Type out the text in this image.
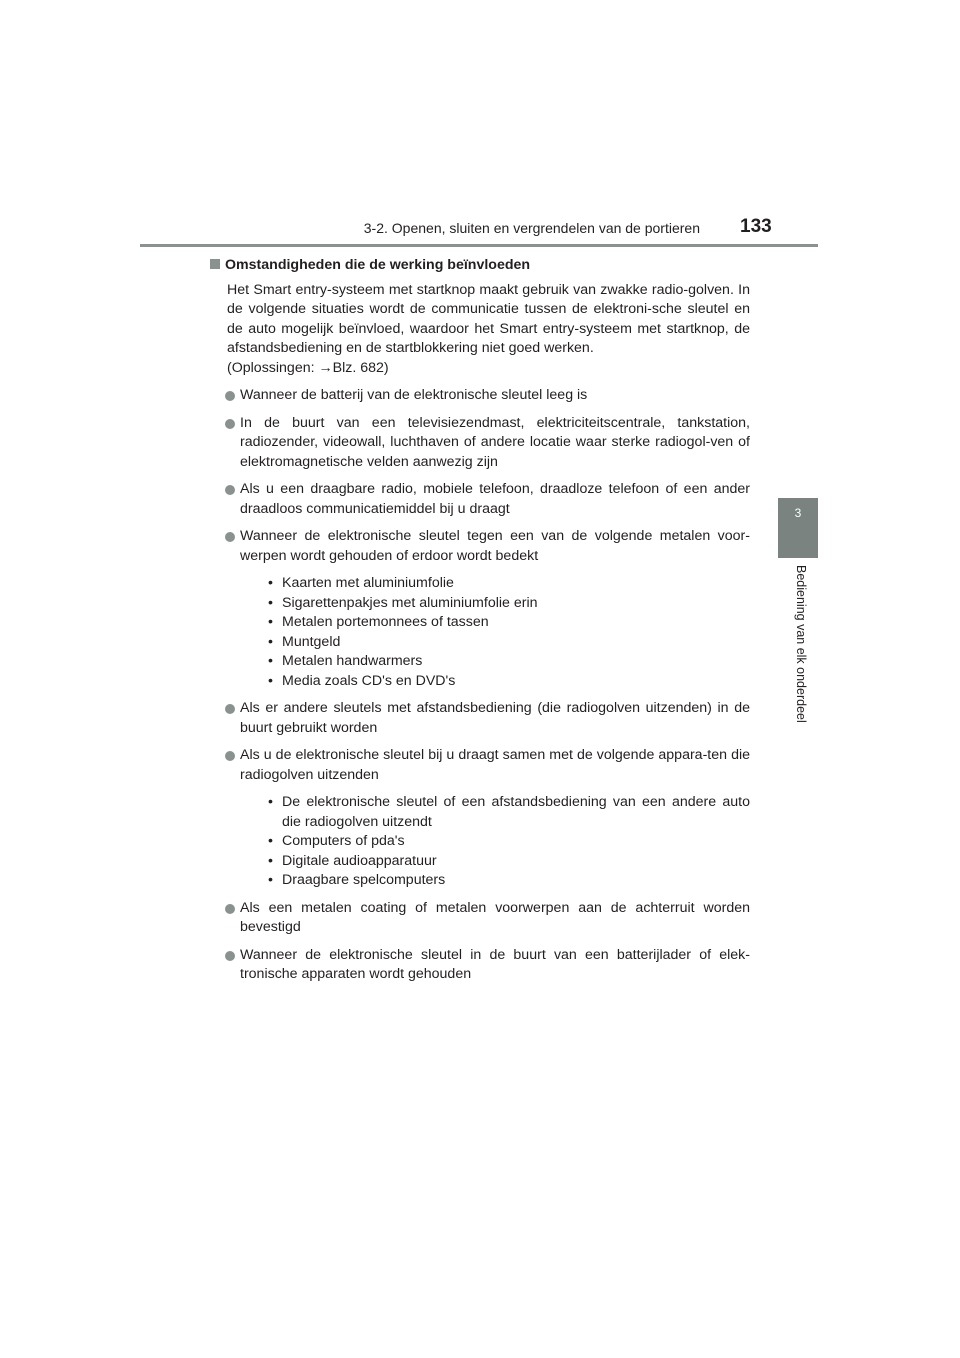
3-2. Openen, sluiten en vergrendelen van de portieren 133
3
Bediening van elk onderdeel
Omstandigheden die de werking beïnvloeden

Het Smart entry-systeem met startknop maakt gebruik van zwakke radio-golven. In de volgende situaties wordt de communicatie tussen de elektroni-sche sleutel en de auto mogelijk beïnvloed, waardoor het Smart entry-systeem met startknop, de afstandsbediening en de startblokkering niet goed werken.

(Oplossingen: →Blz. 682)

Wanneer de batterij van de elektronische sleutel leeg is
In de buurt van een televisiezendmast, elektriciteitscentrale, tankstation, radiozender, videowall, luchthaven of andere locatie waar sterke radiogol-ven of elektromagnetische velden aanwezig zijn
Als u een draagbare radio, mobiele telefoon, draadloze telefoon of een ander draadloos communicatiemiddel bij u draagt
Wanneer de elektronische sleutel tegen een van de volgende metalen voor-werpen wordt gehouden of erdoor wordt bedekt
• Kaarten met aluminiumfolie
• Sigarettenpakjes met aluminiumfolie erin
• Metalen portemonnees of tassen
• Muntgeld
• Metalen handwarmers
• Media zoals CD's en DVD's
Als er andere sleutels met afstandsbediening (die radiogolven uitzenden) in de buurt gebruikt worden
Als u de elektronische sleutel bij u draagt samen met de volgende appara-ten die radiogolven uitzenden
• De elektronische sleutel of een afstandsbediening van een andere auto die radiogolven uitzendt
• Computers of pda's
• Digitale audioapparatuur
• Draagbare spelcomputers
Als een metalen coating of metalen voorwerpen aan de achterruit worden bevestigd
Wanneer de elektronische sleutel in de buurt van een batterijlader of elek-tronische apparaten wordt gehouden
